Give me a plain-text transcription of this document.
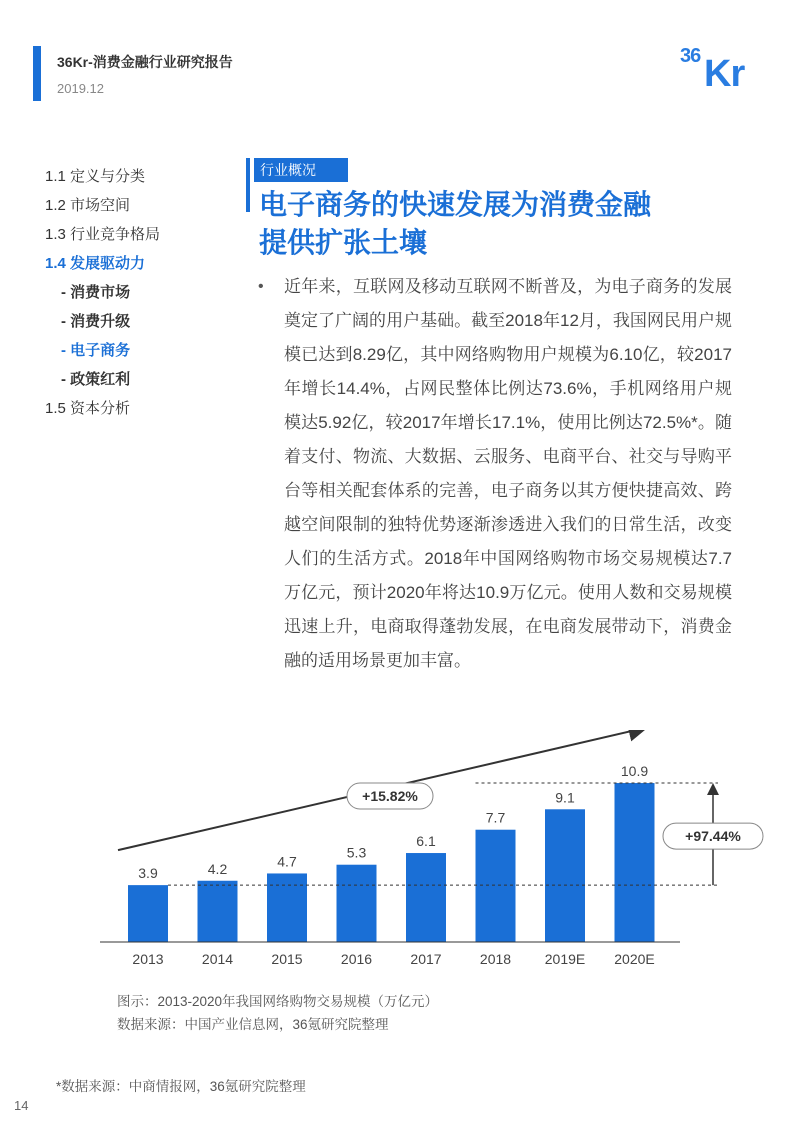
36Kr-消费金融行业研究报告
2019.12
36 Kr
1.1 定义与分类
1.2 市场空间
1.3 行业竞争格局
1.4 发展驱动力
- 消费市场
- 消费升级
- 电子商务
- 政策红利
1.5 资本分析
行业概况
电子商务的快速发展为消费金融
提供扩张土壤
• 近年来，互联网及移动互联网不断普及，为电子商务的发展奠定了广阔的用户基础。截至2018年12月，我国网民用户规模已达到8.29亿，其中网络购物用户规模为6.10亿，较2017年增长14.4%，占网民整体比例达73.6%，手机网络用户规模达5.92亿，较2017年增长17.1%，使用比例达72.5%*。随着支付、物流、大数据、云服务、电商平台、社交与导购平台等相关配套体系的完善，电子商务以其方便快捷高效、跨越空间限制的独特优势逐渐渗透进入我们的日常生活，改变人们的生活方式。2018年中国网络购物市场交易规模达7.7万亿元，预计2020年将达10.9万亿元。使用人数和交易规模迅速上升，电商取得蓬勃发展，在电商发展带动下，消费金融的适用场景更加丰富。
3.9
2013
4.2
2014
4.7
2015
5.3
2016
6.1
2017
7.7
2018
9.1
2019E
10.9
2020E
+15.82%
+97.44%
图示：2013-2020年我国网络购物交易规模（万亿元）
数据来源：中国产业信息网，36氪研究院整理
*数据来源：中商情报网，36氪研究院整理
14
